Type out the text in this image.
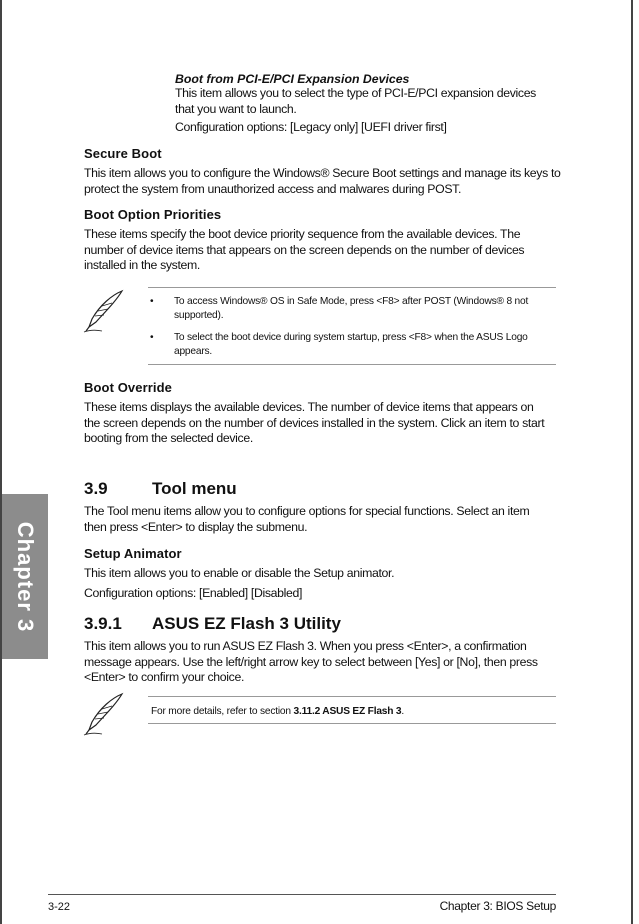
Chapter 3

Boot from PCI-E/PCI Expansion Devices

This item allows you to select the type of PCI-E/PCI expansion devices

that you want to launch.

Configuration options: [Legacy only] [UEFI driver first]

Secure Boot

This item allows you to configure the Windows® Secure Boot settings and manage its keys to

protect the system from unauthorized access and malwares during POST.

Boot Option Priorities

These items specify the boot device priority sequence from the available devices. The

number of device items that appears on the screen depends on the number of devices

installed in the system.

• To access Windows® OS in Safe Mode, press <F8> after POST (Windows® 8 not
supported).
• To select the boot device during system startup, press <F8> when the ASUS Logo
appears.

Boot Override

These items displays the available devices. The number of device items that appears on

the screen depends on the number of devices installed in the system. Click an item to start

booting from the selected device.

3.9	Tool menu

The Tool menu items allow you to configure options for special functions. Select an item

then press <Enter> to display the submenu.

Setup Animator

This item allows you to enable or disable the Setup animator.

Configuration options: [Enabled] [Disabled]

3.9.1 ASUS EZ Flash 3 Utility

This item allows you to run ASUS EZ Flash 3. When you press <Enter>, a confirmation

message appears. Use the left/right arrow key to select between [Yes] or [No], then press

<Enter> to confirm your choice.

For more details, refer to section 3.11.2 ASUS EZ Flash 3.
3-22	Chapter 3: BIOS Setup
